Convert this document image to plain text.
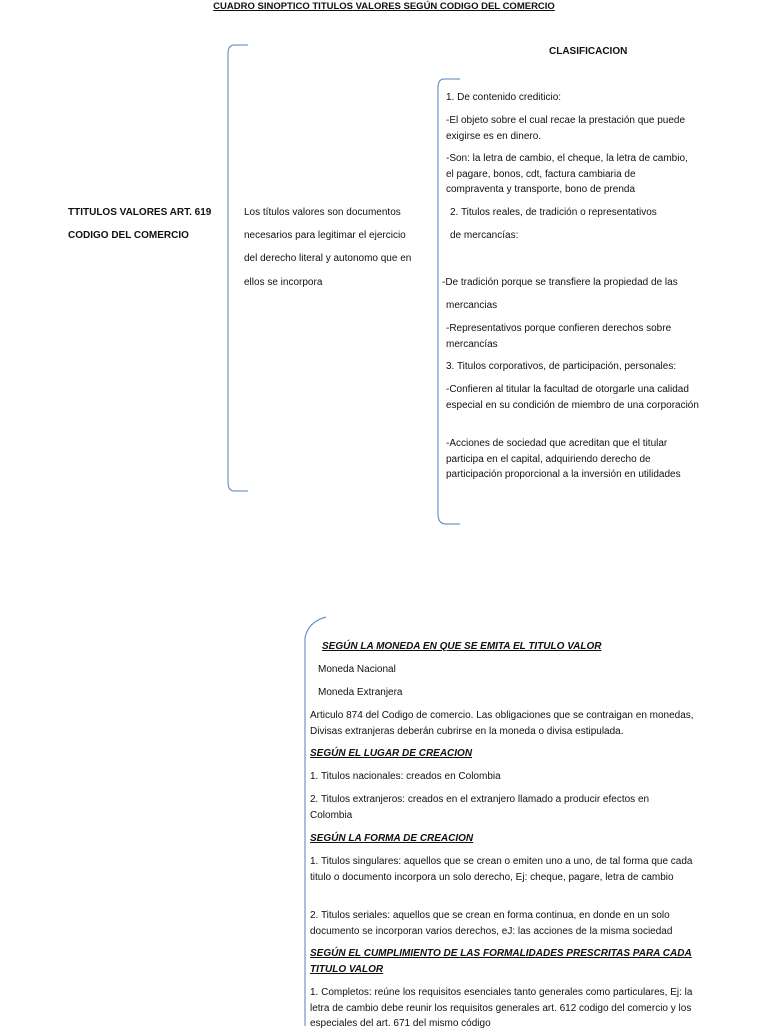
CUADRO SINOPTICO TITULOS VALORES SEGÚN CODIGO DEL COMERCIO
TTITULOS VALORES ART. 619
CODIGO DEL COMERCIO
Los títulos valores son documentos
necesarios para legitimar el ejercicio
del derecho literal y autonomo que en
ellos se incorpora
CLASIFICACION
1. De contenido crediticio:
-El objeto sobre el cual recae la prestación que puede exigirse es en dinero.
-Son: la letra de cambio, el cheque, la letra de cambio, el pagare, bonos, cdt, factura cambiaria de compraventa y transporte, bono de prenda
2. Titulos reales, de tradición o representativos
de mercancías:
-De tradición porque se transfiere la propiedad de las
mercancias
-Representativos porque confieren derechos sobre mercancías
3. Titulos corporativos, de participación, personales:
-Confieren al titular la facultad de otorgarle una calidad especial en su condición de miembro de una corporación
-Acciones de sociedad que acreditan que el titular participa en el capital, adquiriendo derecho de participación proporcional a la inversión en utilidades
SEGÚN LA MONEDA EN QUE SE EMITA EL TITULO VALOR
Moneda Nacional
Moneda Extranjera
Articulo 874 del Codigo de comercio. Las obligaciones que se contraigan en monedas, Divisas extranjeras deberán cubrirse en la moneda o divisa estipulada.
SEGÚN EL LUGAR DE CREACION
1. Titulos nacionales: creados en Colombia
2. Titulos extranjeros: creados en el extranjero llamado a producir efectos en Colombia
SEGÚN LA FORMA DE CREACION
1. Titulos singulares: aquellos que se crean o emiten uno a uno, de tal forma que cada titulo o documento incorpora un solo derecho, Ej: cheque, pagare, letra de cambio
2. Titulos seriales: aquellos que se crean en forma continua, en donde en un solo documento se incorporan varios derechos, eJ: las acciones de la misma sociedad
SEGÚN EL CUMPLIMIENTO DE LAS FORMALIDADES PRESCRITAS PARA CADA TITULO VALOR
1. Completos: reúne los requisitos esenciales tanto generales como particulares, Ej: la letra de cambio debe reunir los requisitos generales art. 612 codigo del comercio y los especiales del art. 671 del mismo código
